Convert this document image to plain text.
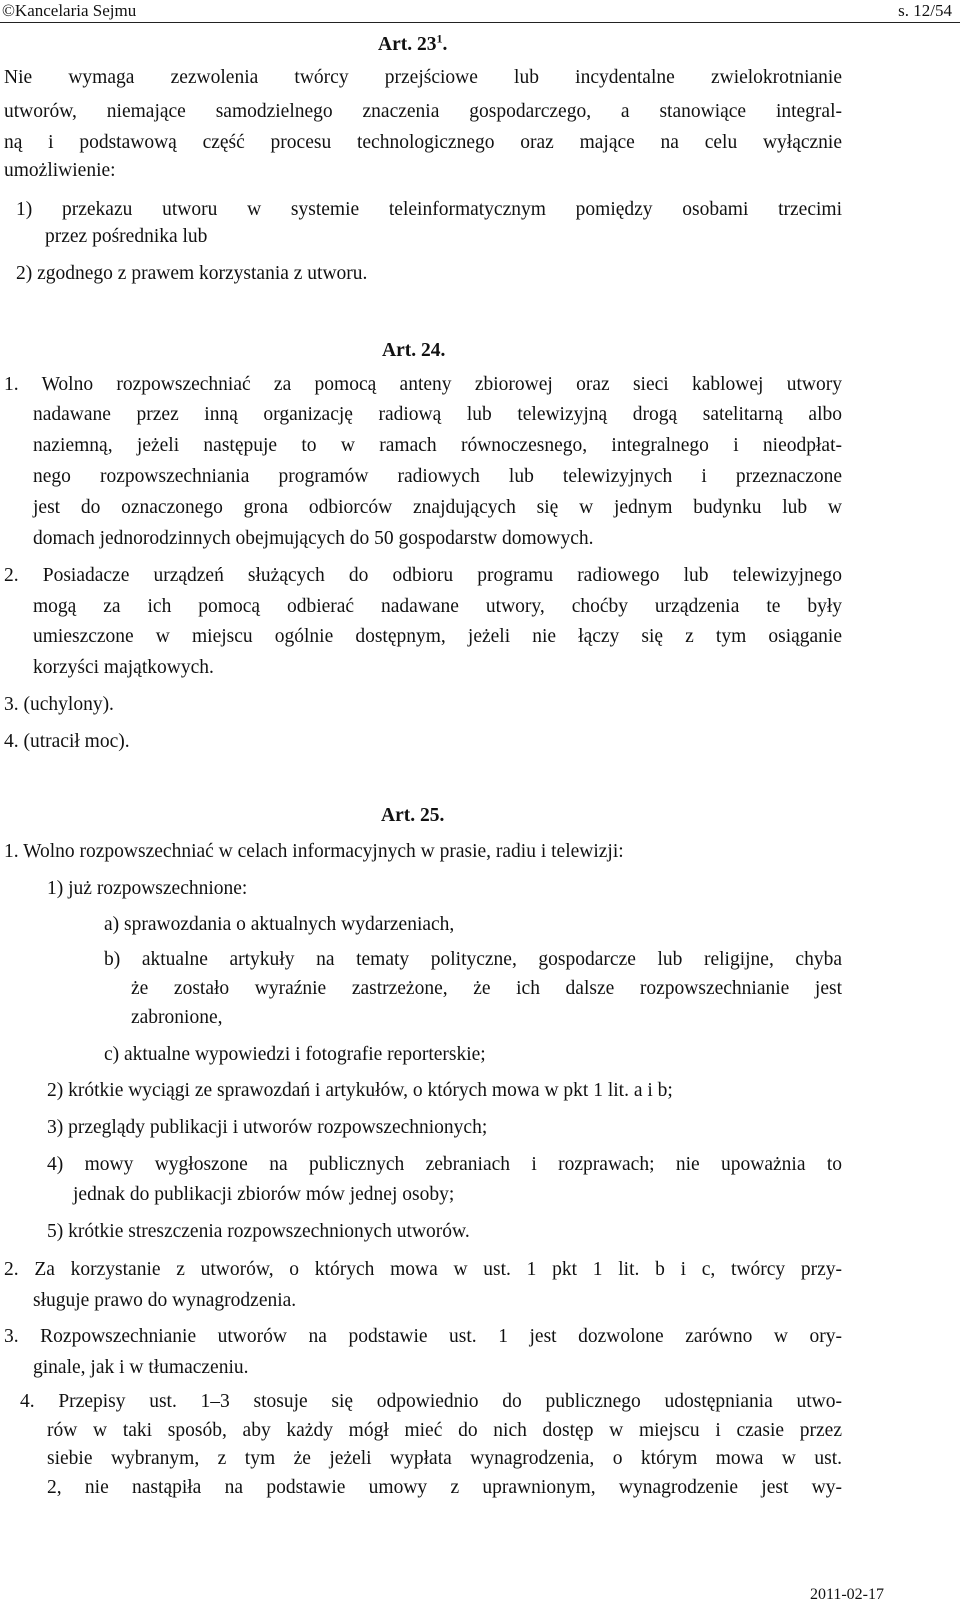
©Kancelaria Sejmu	s. 12/54
Art. $23^1$.
Nie wymaga zezwolenia twórcy przejściowe lub incydentalne zwielokrotnianie
utworów, niemające samodzielnego znaczenia gospodarczego, a stanowiące integral-
ną i podstawową część procesu technologicznego oraz mające na celu wyłącznie
umożliwienie:
1) przekazu utworu w systemie teleinformatycznym pomiędzy osobami trzecimi
przez pośrednika lub
2) zgodnego z prawem korzystania z utworu.
Art. 24.
1. Wolno rozpowszechniać za pomocą anteny zbiorowej oraz sieci kablowej utwory
nadawane przez inną organizację radiową lub telewizyjną drogą satelitarną albo
naziemną, jeżeli następuje to w ramach równoczesnego, integralnego i nieodpłat-
nego rozpowszechniania programów radiowych lub telewizyjnych i przeznaczone
jest do oznaczonego grona odbiorców znajdujących się w jednym budynku lub w
domach jednorodzinnych obejmujących do 50 gospodarstw domowych.
2. Posiadacze urządzeń służących do odbioru programu radiowego lub telewizyjnego
mogą za ich pomocą odbierać nadawane utwory, choćby urządzenia te były
umieszczone w miejscu ogólnie dostępnym, jeżeli nie łączy się z tym osiąganie
korzyści majątkowych.
3. (uchylony).
4. (utracił moc).
Art. 25.
1. Wolno rozpowszechniać w celach informacyjnych w prasie, radiu i telewizji:
1) już rozpowszechnione:
a) sprawozdania o aktualnych wydarzeniach,
b) aktualne artykuły na tematy polityczne, gospodarcze lub religijne, chyba
że zostało wyraźnie zastrzeżone, że ich dalsze rozpowszechnianie jest
zabronione,
c) aktualne wypowiedzi i fotografie reporterskie;
2) krótkie wyciągi ze sprawozdań i artykułów, o których mowa w pkt 1 lit. a i b;
3) przeglądy publikacji i utworów rozpowszechnionych;
4) mowy wygłoszone na publicznych zebraniach i rozprawach; nie upoważnia to
jednak do publikacji zbiorów mów jednej osoby;
5) krótkie streszczenia rozpowszechnionych utworów.
2. Za korzystanie z utworów, o których mowa w ust. 1 pkt 1 lit. b i c, twórcy przy-
sługuje prawo do wynagrodzenia.
3. Rozpowszechnianie utworów na podstawie ust. 1 jest dozwolone zarówno w ory-
ginale, jak i w tłumaczeniu.
4. Przepisy ust. 1–3 stosuje się odpowiednio do publicznego udostępniania utwo-
rów w taki sposób, aby każdy mógł mieć do nich dostęp w miejscu i czasie przez
siebie wybranym, z tym że jeżeli wypłata wynagrodzenia, o którym mowa w ust.
2, nie nastąpiła na podstawie umowy z uprawnionym, wynagrodzenie jest wy-
2011-02-17
